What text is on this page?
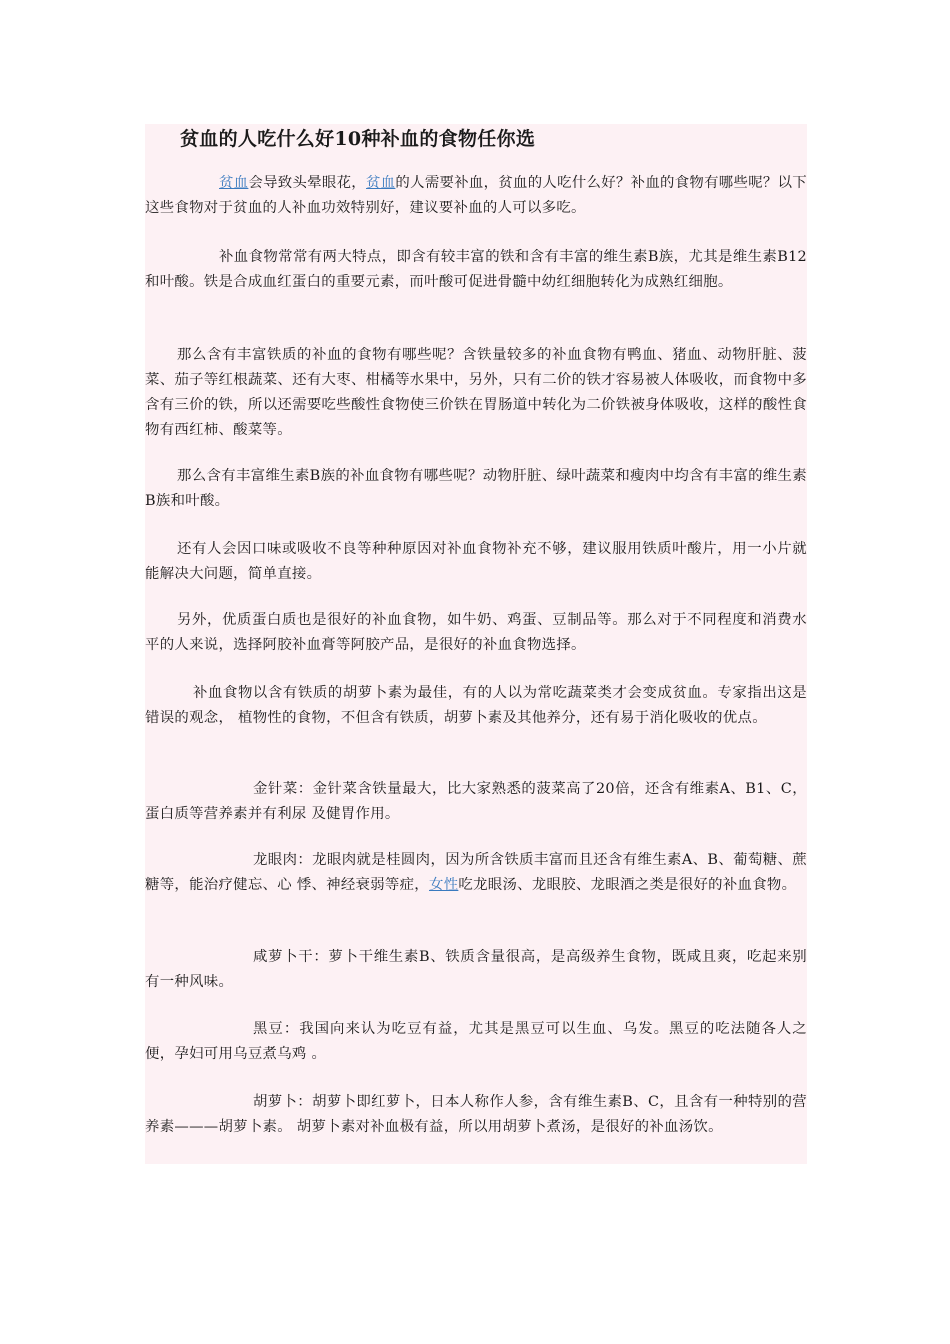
贫血的人吃什么好10种补血的食物任你选

贫血会导致头晕眼花，贫血的人需要补血，贫血的人吃什么好？补血的食物有哪些呢？以下这些食物对于贫血的人补血功效特别好，建议要补血的人可以多吃。

补血食物常常有两大特点，即含有较丰富的铁和含有丰富的维生素B族，尤其是维生素B12和叶酸。铁是合成血红蛋白的重要元素，而叶酸可促进骨髓中幼红细胞转化为成熟红细胞。

那么含有丰富铁质的补血的食物有哪些呢？含铁量较多的补血食物有鸭血、猪血、动物肝脏、菠菜、茄子等红根蔬菜、还有大枣、柑橘等水果中，另外，只有二价的铁才容易被人体吸收，而食物中多含有三价的铁，所以还需要吃些酸性食物使三价铁在胃肠道中转化为二价铁被身体吸收，这样的酸性食物有西红柿、酸菜等。

那么含有丰富维生素B族的补血食物有哪些呢？动物肝脏、绿叶蔬菜和瘦肉中均含有丰富的维生素B族和叶酸。

还有人会因口味或吸收不良等种种原因对补血食物补充不够，建议服用铁质叶酸片，用一小片就能解决大问题，简单直接。

另外，优质蛋白质也是很好的补血食物，如牛奶、鸡蛋、豆制品等。那么对于不同程度和消费水平的人来说，选择阿胶补血膏等阿胶产品，是很好的补血食物选择。

补血食物以含有铁质的胡萝卜素为最佳，有的人以为常吃蔬菜类才会变成贫血。专家指出这是错误的观念， 植物性的食物，不但含有铁质，胡萝卜素及其他养分，还有易于消化吸收的优点。

金针菜：金针菜含铁量最大，比大家熟悉的菠菜高了20倍，还含有维素A、B1、C，蛋白质等营养素并有利尿 及健胃作用。

龙眼肉：龙眼肉就是桂圆肉，因为所含铁质丰富而且还含有维生素A、B、葡萄糖、蔗糖等，能治疗健忘、心 悸、神经衰弱等症，女性吃龙眼汤、龙眼胶、龙眼酒之类是很好的补血食物。

咸萝卜干：萝卜干维生素B、铁质含量很高，是高级养生食物，既咸且爽，吃起来别有一种风味。

黑豆：我国向来认为吃豆有益，尤其是黑豆可以生血、乌发。黑豆的吃法随各人之便，孕妇可用乌豆煮乌鸡 。

胡萝卜：胡萝卜即红萝卜，日本人称作人参，含有维生素B、C，且含有一种特别的营养素———胡萝卜素。 胡萝卜素对补血极有益，所以用胡萝卜煮汤，是很好的补血汤饮。
